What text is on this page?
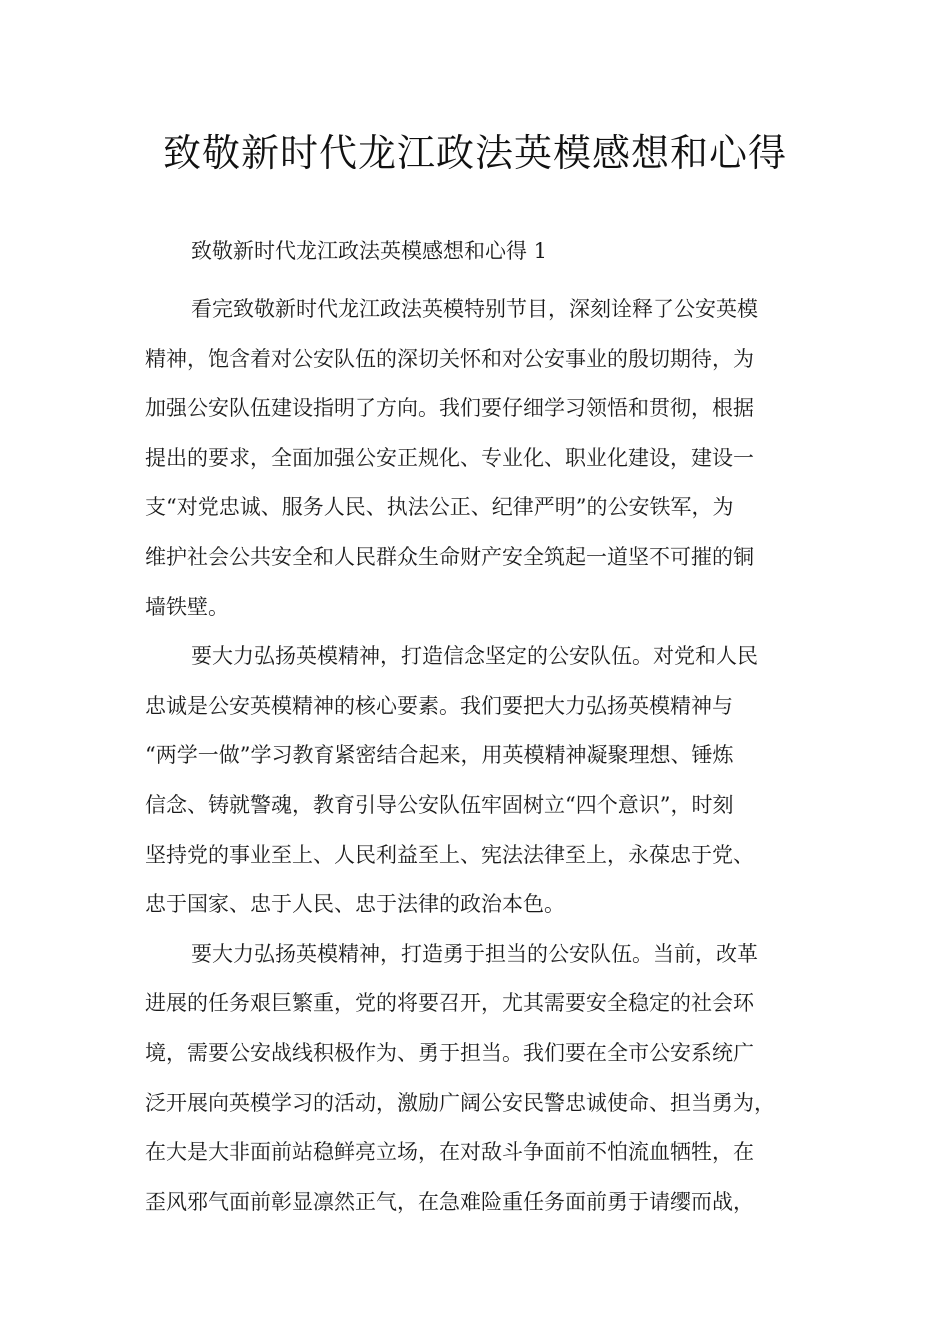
致敬新时代龙江政法英模感想和心得

致敬新时代龙江政法英模感想和心得 1

看完致敬新时代龙江政法英模特别节目，深刻诠释了公安英模
精神，饱含着对公安队伍的深切关怀和对公安事业的殷切期待，为
加强公安队伍建设指明了方向。我们要仔细学习领悟和贯彻，根据
提出的要求，全面加强公安正规化、专业化、职业化建设，建设一
支“对党忠诚、服务人民、执法公正、纪律严明”的公安铁军，为
维护社会公共安全和人民群众生命财产安全筑起一道坚不可摧的铜
墙铁壁。

要大力弘扬英模精神，打造信念坚定的公安队伍。对党和人民
忠诚是公安英模精神的核心要素。我们要把大力弘扬英模精神与
“两学一做”学习教育紧密结合起来，用英模精神凝聚理想、锤炼
信念、铸就警魂，教育引导公安队伍牢固树立“四个意识”，时刻
坚持党的事业至上、人民利益至上、宪法法律至上，永葆忠于党、
忠于国家、忠于人民、忠于法律的政治本色。

要大力弘扬英模精神，打造勇于担当的公安队伍。当前，改革
进展的任务艰巨繁重，党的将要召开，尤其需要安全稳定的社会环
境，需要公安战线积极作为、勇于担当。我们要在全市公安系统广
泛开展向英模学习的活动，激励广阔公安民警忠诚使命、担当勇为，
在大是大非面前站稳鲜亮立场，在对敌斗争面前不怕流血牺牲，在
歪风邪气面前彰显凛然正气，在急难险重任务面前勇于请缨而战，
